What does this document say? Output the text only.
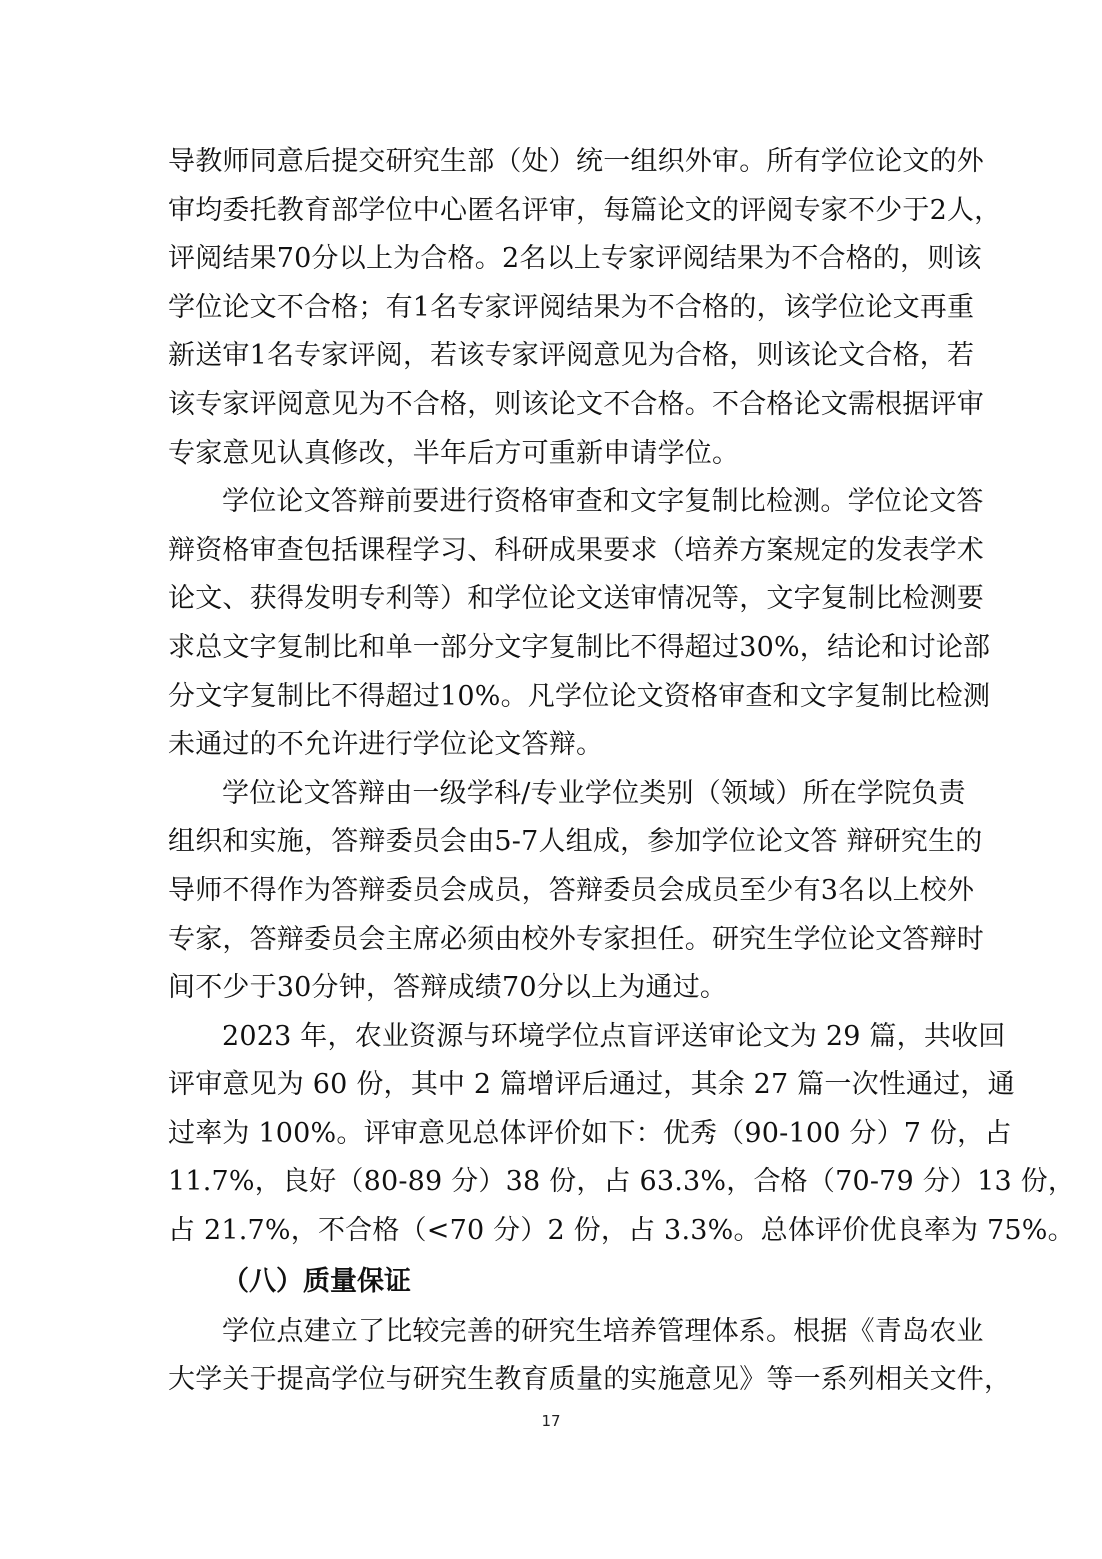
导教师同意后提交研究生部（处）统一组织外审。所有学位论文的外
审均委托教育部学位中心匿名评审，每篇论文的评阅专家不少于2人，
评阅结果70分以上为合格。2名以上专家评阅结果为不合格的，则该
学位论文不合格；有1名专家评阅结果为不合格的，该学位论文再重
新送审1名专家评阅，若该专家评阅意见为合格，则该论文合格，若
该专家评阅意见为不合格，则该论文不合格。不合格论文需根据评审
专家意见认真修改，半年后方可重新申请学位。
学位论文答辩前要进行资格审查和文字复制比检测。学位论文答
辩资格审查包括课程学习、科研成果要求（培养方案规定的发表学术
论文、获得发明专利等）和学位论文送审情况等，文字复制比检测要
求总文字复制比和单一部分文字复制比不得超过30%，结论和讨论部
分文字复制比不得超过10%。凡学位论文资格审查和文字复制比检测
未通过的不允许进行学位论文答辩。
学位论文答辩由一级学科/专业学位类别（领域）所在学院负责
组织和实施，答辩委员会由5-7人组成，参加学位论文答 辩研究生的
导师不得作为答辩委员会成员，答辩委员会成员至少有3名以上校外
专家，答辩委员会主席必须由校外专家担任。研究生学位论文答辩时
间不少于30分钟，答辩成绩70分以上为通过。
2023 年，农业资源与环境学位点盲评送审论文为 29 篇，共收回
评审意见为 60 份，其中 2 篇增评后通过，其余 27 篇一次性通过，通
过率为 100%。评审意见总体评价如下：优秀（90-100 分）7 份，占
11.7%，良好（80-89 分）38 份，占 63.3%，合格（70-79 分）13 份，
占 21.7%，不合格（<70 分）2 份，占 3.3%。总体评价优良率为 75%。
（八）质量保证
学位点建立了比较完善的研究生培养管理体系。根据《青岛农业
大学关于提高学位与研究生教育质量的实施意见》等一系列相关文件，
17
